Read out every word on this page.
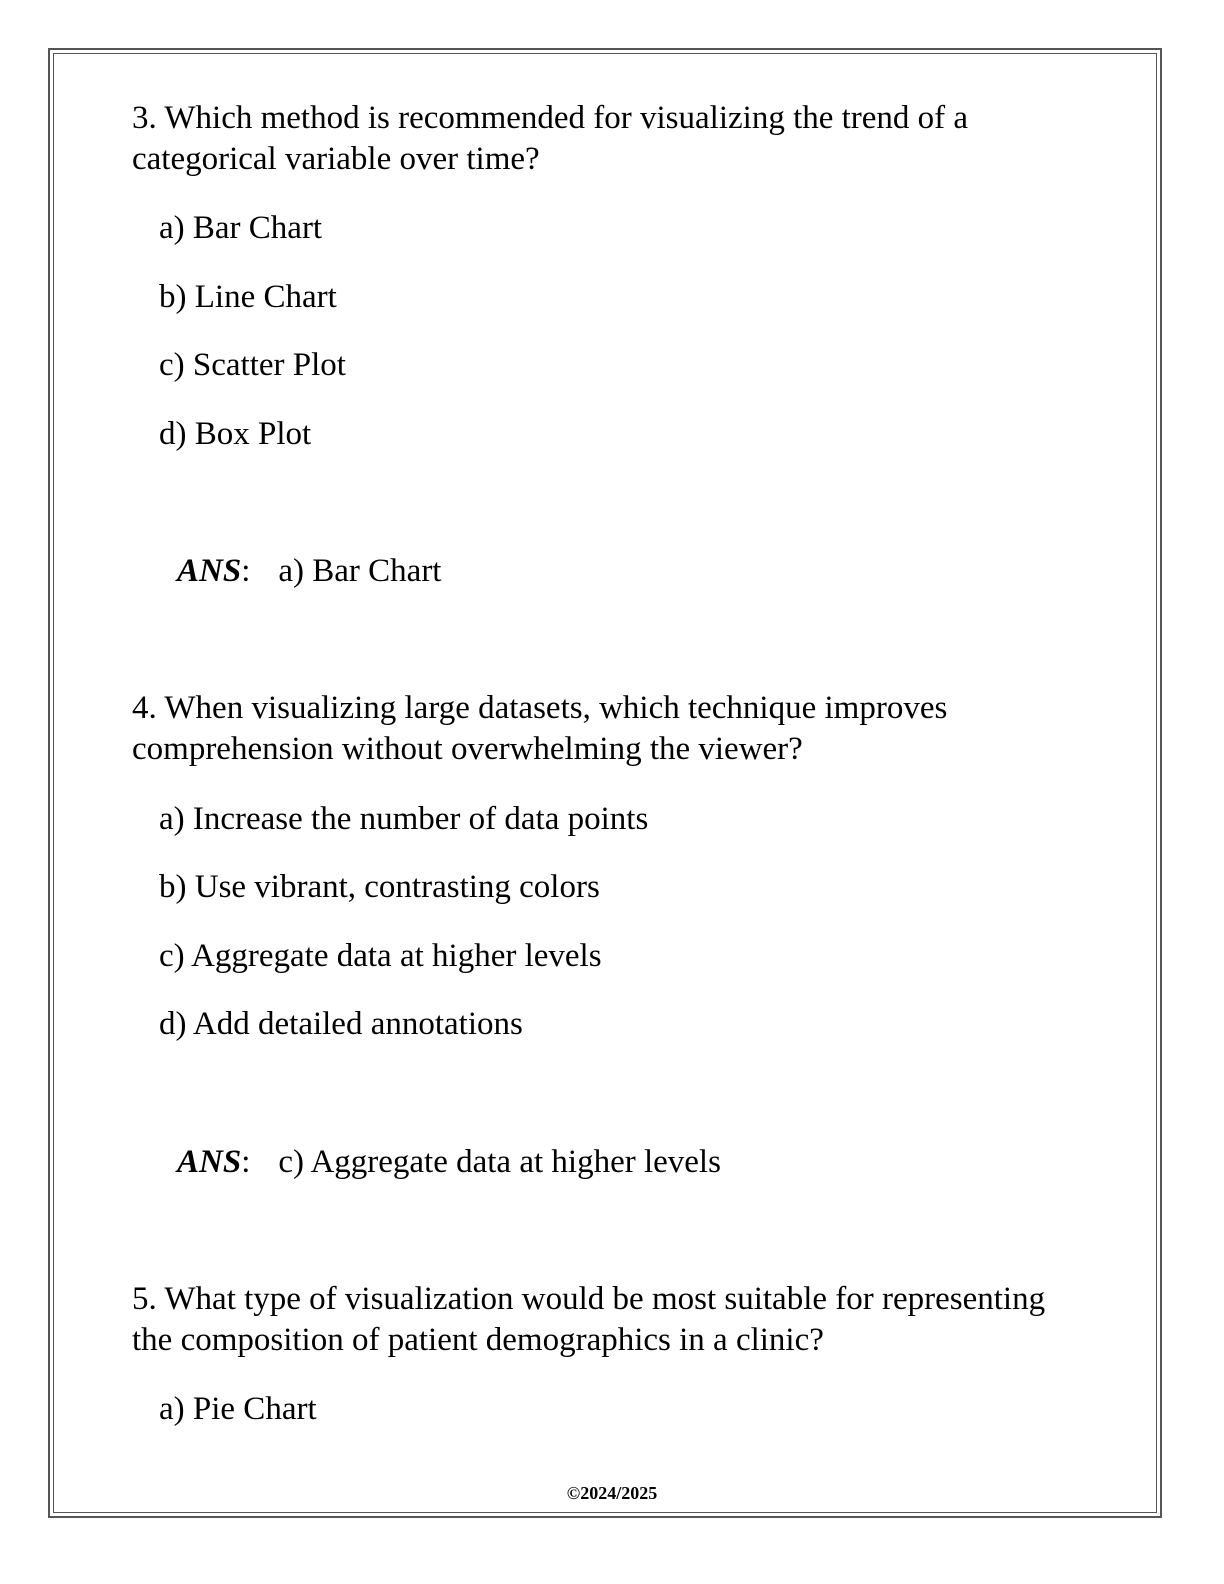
3. Which method is recommended for visualizing the trend of a categorical variable over time?

a) Bar Chart

b) Line Chart

c) Scatter Plot

d) Box Plot

ANS: a) Bar Chart

4. When visualizing large datasets, which technique improves comprehension without overwhelming the viewer?

a) Increase the number of data points

b) Use vibrant, contrasting colors

c) Aggregate data at higher levels

d) Add detailed annotations

ANS: c) Aggregate data at higher levels

5. What type of visualization would be most suitable for representing the composition of patient demographics in a clinic?

a) Pie Chart

©2024/2025
